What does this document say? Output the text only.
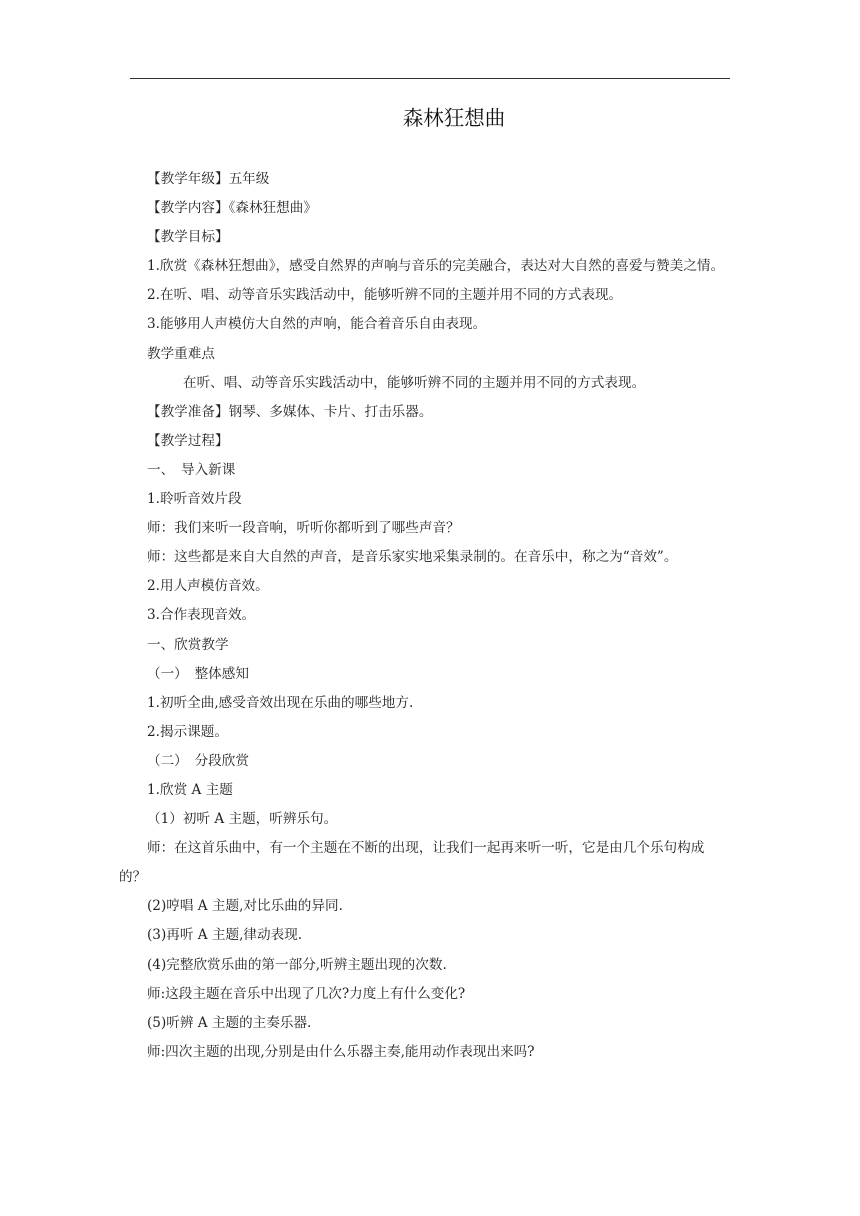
森林狂想曲

【教学年级】五年级

【教学内容】《森林狂想曲》

【教学目标】

1.欣赏《森林狂想曲》，感受自然界的声响与音乐的完美融合，表达对大自然的喜爱与赞美之情。

2.在听、唱、动等音乐实践活动中，能够听辨不同的主题并用不同的方式表现。

3.能够用人声模仿大自然的声响，能合着音乐自由表现。

教学重难点

在听、唱、动等音乐实践活动中，能够听辨不同的主题并用不同的方式表现。

【教学准备】钢琴、多媒体、卡片、打击乐器。

【教学过程】

一、　导入新课

1.聆听音效片段

师：我们来听一段音响，听听你都听到了哪些声音？

师：这些都是来自大自然的声音，是音乐家实地采集录制的。在音乐中，称之为“音效”。

2.用人声模仿音效。

3.合作表现音效。

一、欣赏教学

（一）　整体感知

1.初听全曲,感受音效出现在乐曲的哪些地方.

2.揭示课题。

（二）　分段欣赏

1.欣赏 A 主题

（1）初听 A 主题，听辨乐句。

师：在这首乐曲中，有一个主题在不断的出现，让我们一起再来听一听，它是由几个乐句构成的？

(2)哼唱 A 主题,对比乐曲的异同.

(3)再听 A 主题,律动表现.

(4)完整欣赏乐曲的第一部分,听辨主题出现的次数.

师:这段主题在音乐中出现了几次?力度上有什么变化?

(5)听辨 A 主题的主奏乐器.

师:四次主题的出现,分别是由什么乐器主奏,能用动作表现出来吗?
